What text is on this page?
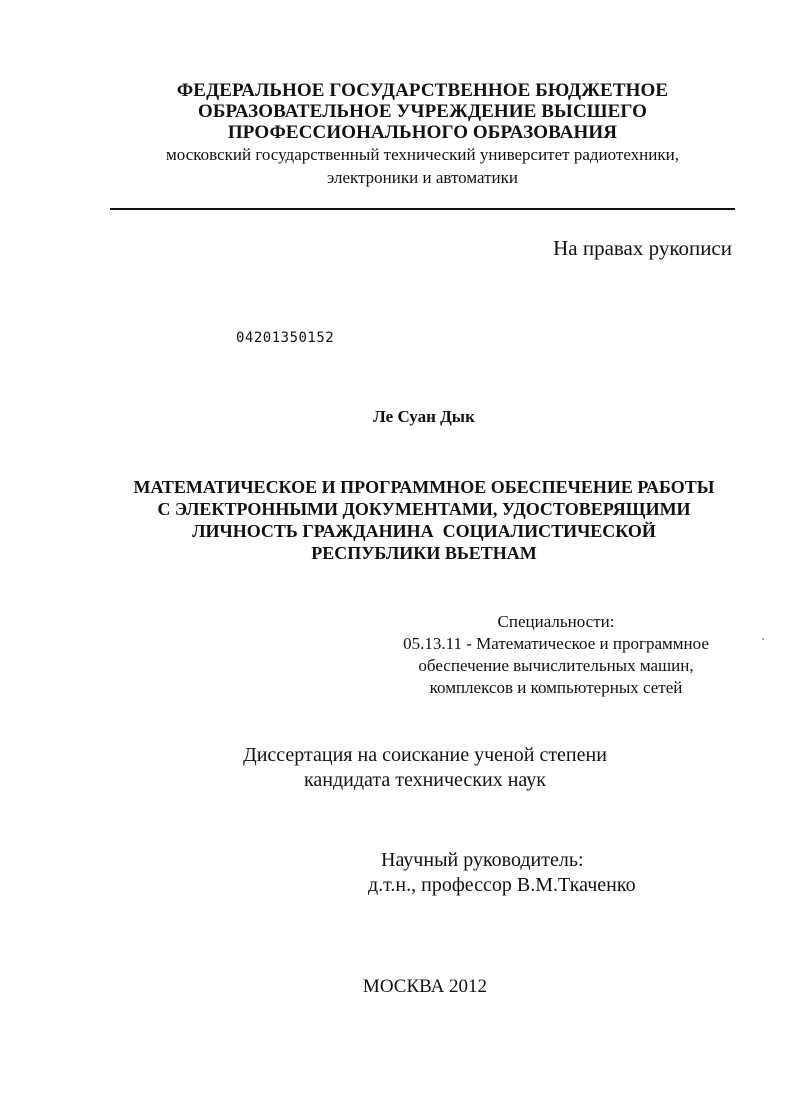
ФЕДЕРАЛЬНОЕ ГОСУДАРСТВЕННОЕ БЮДЖЕТНОЕ
ОБРАЗОВАТЕЛЬНОЕ УЧРЕЖДЕНИЕ ВЫСШЕГО
ПРОФЕССИОНАЛЬНОГО ОБРАЗОВАНИЯ
московский государственный технический университет радиотехники,
электроники и автоматики
На правах рукописи
04201350152
Ле Суан Дык
МАТЕМАТИЧЕСКОЕ И ПРОГРАММНОЕ ОБЕСПЕЧЕНИЕ РАБОТЫ
С ЭЛЕКТРОННЫМИ ДОКУМЕНТАМИ, УДОСТОВЕРЯЩИМИ
ЛИЧНОСТЬ ГРАЖДАНИНА  СОЦИАЛИСТИЧЕСКОЙ
РЕСПУБЛИКИ ВЬЕТНАМ
Специальности:
05.13.11 - Математическое и программное
обеспечение вычислительных машин,
комплексов и компьютерных сетей
Диссертация на соискание ученой степени
кандидата технических наук
Научный руководитель:
д.т.н., профессор В.М.Ткаченко
МОСКВА 2012
